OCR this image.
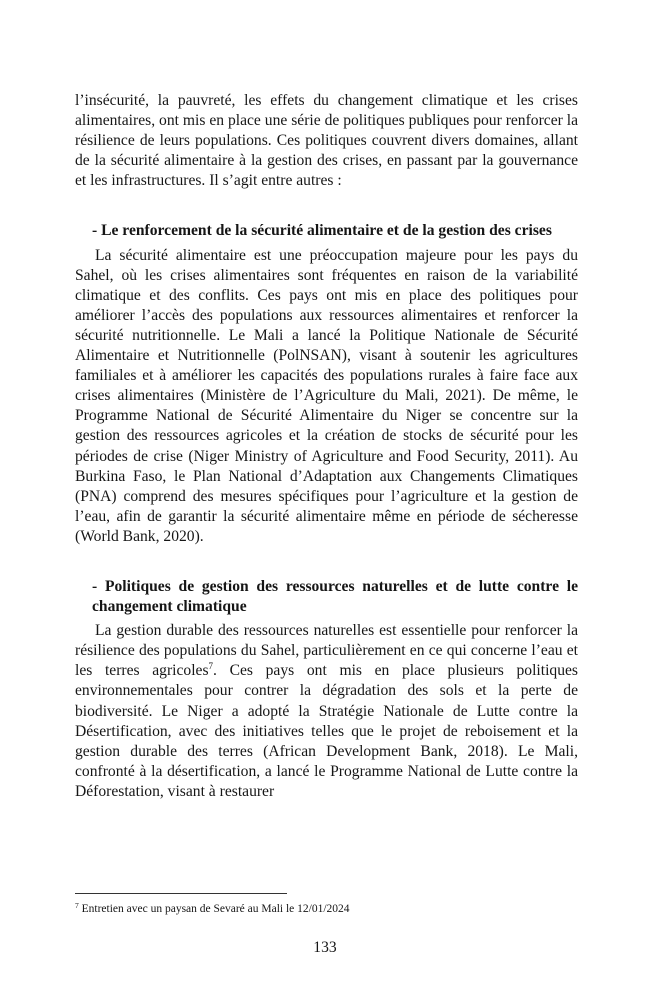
l’insécurité, la pauvreté, les effets du changement climatique et les crises alimentaires, ont mis en place une série de politiques publiques pour renforcer la résilience de leurs populations. Ces politiques couvrent divers domaines, allant de la sécurité alimentaire à la gestion des crises, en passant par la gouvernance et les infrastructures. Il s’agit entre autres :

- Le renforcement de la sécurité alimentaire et de la gestion des crises

La sécurité alimentaire est une préoccupation majeure pour les pays du Sahel, où les crises alimentaires sont fréquentes en raison de la variabilité climatique et des conflits. Ces pays ont mis en place des politiques pour améliorer l’accès des populations aux ressources alimentaires et renforcer la sécurité nutritionnelle. Le Mali a lancé la Politique Nationale de Sécurité Alimentaire et Nutritionnelle (PolNSAN), visant à soutenir les agricultures familiales et à améliorer les capacités des populations rurales à faire face aux crises alimentaires (Ministère de l’Agriculture du Mali, 2021). De même, le Programme National de Sécurité Alimentaire du Niger se concentre sur la gestion des ressources agricoles et la création de stocks de sécurité pour les périodes de crise (Niger Ministry of Agriculture and Food Security, 2011). Au Burkina Faso, le Plan National d’Adaptation aux Changements Climatiques (PNA) comprend des mesures spécifiques pour l’agriculture et la gestion de l’eau, afin de garantir la sécurité alimentaire même en période de sécheresse (World Bank, 2020).

- Politiques de gestion des ressources naturelles et de lutte contre le changement climatique

La gestion durable des ressources naturelles est essentielle pour renforcer la résilience des populations du Sahel, particulièrement en ce qui concerne l’eau et les terres agricoles$^7$. Ces pays ont mis en place plusieurs politiques environnementales pour contrer la dégradation des sols et la perte de biodiversité. Le Niger a adopté la Stratégie Nationale de Lutte contre la Désertification, avec des initiatives telles que le projet de reboisement et la gestion durable des terres (African Development Bank, 2018). Le Mali, confronté à la désertification, a lancé le Programme National de Lutte contre la Déforestation, visant à restaurer

$^7$ Entretien avec un paysan de Sevaré au Mali le 12/01/2024
133
